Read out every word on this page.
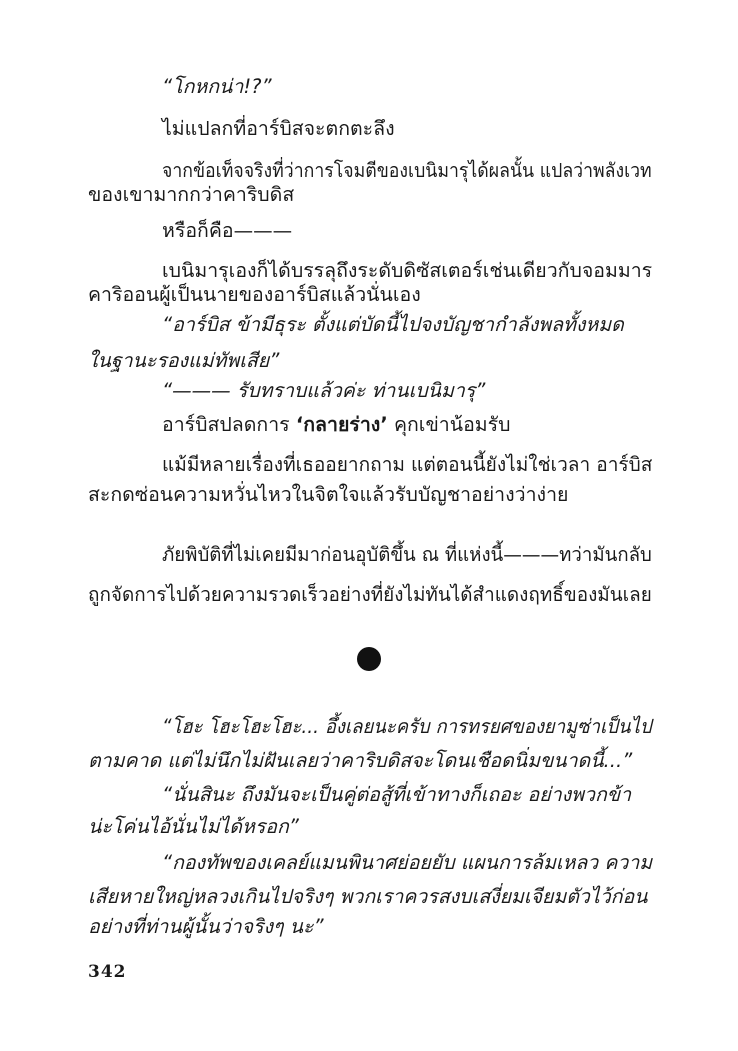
“โกหกน่า!?”
ไม่แปลกที่อาร์บิสจะตกตะลึง
จากข้อเท็จจริงที่ว่าการโจมตีของเบนิมารุได้ผลนั้น แปลว่าพลังเวท
ของเขามากกว่าคาริบดิส
หรือก็คือ———
เบนิมารุเองก็ได้บรรลุถึงระดับดิซัสเตอร์เช่นเดียวกับจอมมาร
คาริออนผู้เป็นนายของอาร์บิสแล้วนั่นเอง
“อาร์บิส ข้ามีธุระ ตั้งแต่บัดนี้ไปจงบัญชากำลังพลทั้งหมด
ในฐานะรองแม่ทัพเสีย”
“——— รับทราบแล้วค่ะ ท่านเบนิมารุ”
อาร์บิสปลดการ ‘กลายร่าง’ คุกเข่าน้อมรับ
แม้มีหลายเรื่องที่เธออยากถาม แต่ตอนนี้ยังไม่ใช่เวลา อาร์บิส
สะกดซ่อนความหวั่นไหวในจิตใจแล้วรับบัญชาอย่างว่าง่าย
ภัยพิบัติที่ไม่เคยมีมาก่อนอุบัติขึ้น ณ ที่แห่งนี้———ทว่ามันกลับ
ถูกจัดการไปด้วยความรวดเร็วอย่างที่ยังไม่ทันได้สำแดงฤทธิ์ของมันเลย
“โฮะ โฮะโฮะโฮะ... อึ้งเลยนะครับ การทรยศของยามูซ่าเป็นไป
ตามคาด แต่ไม่นึกไม่ฝันเลยว่าคาริบดิสจะโดนเชือดนิ่มขนาดนี้...”
“นั่นสินะ ถึงมันจะเป็นคู่ต่อสู้ที่เข้าทางก็เถอะ อย่างพวกข้า
น่ะโค่นไอ้นั่นไม่ได้หรอก”
“กองทัพของเคลย์แมนพินาศย่อยยับ แผนการล้มเหลว ความ
เสียหายใหญ่หลวงเกินไปจริงๆ พวกเราควรสงบเสงี่ยมเจียมตัวไว้ก่อน
อย่างที่ท่านผู้นั้นว่าจริงๆ นะ”
342
